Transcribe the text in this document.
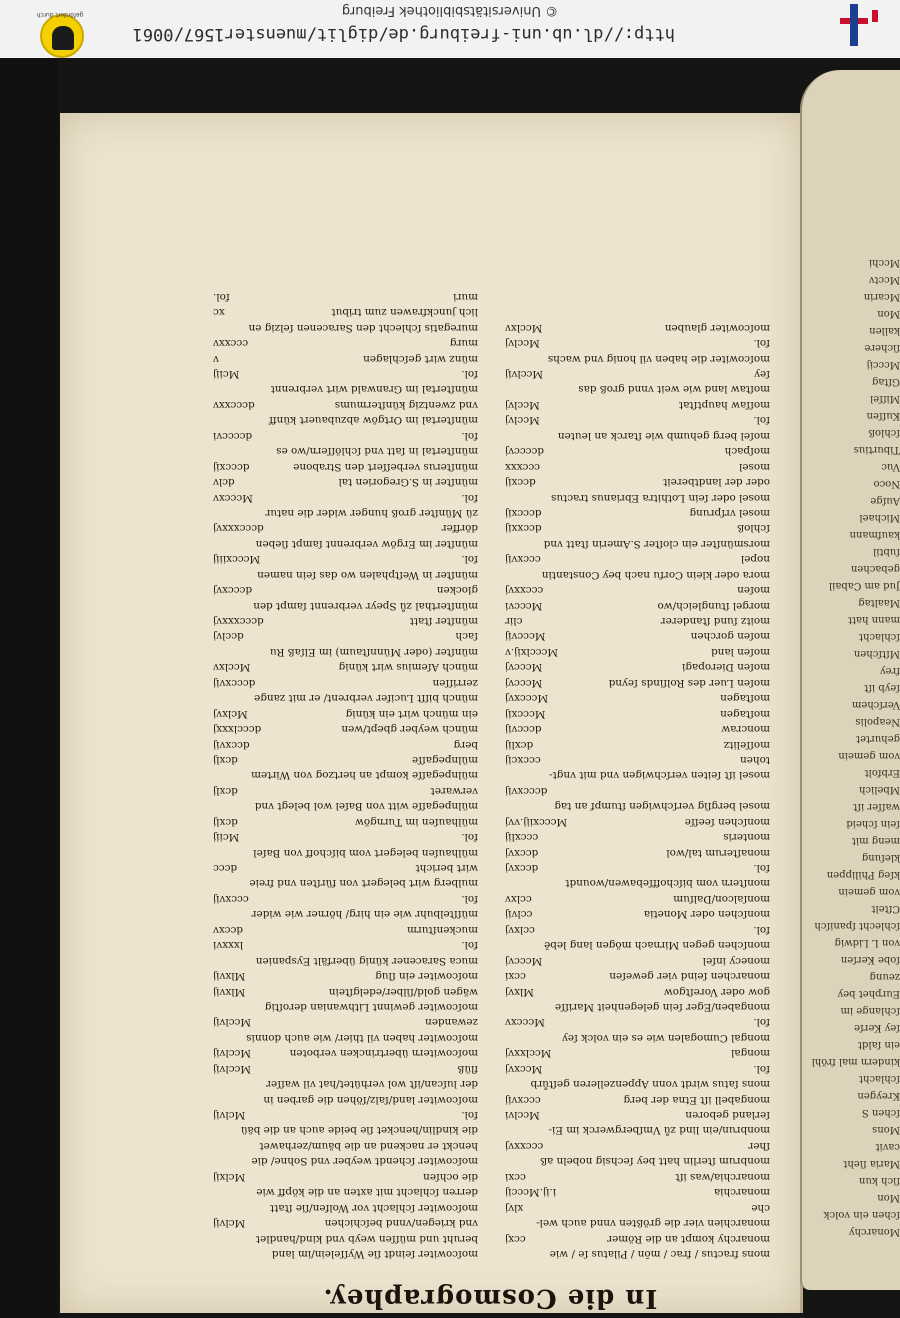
gefördert durch	© Universitätsbibliothek Freiburg
http://dl.ub.uni-freiburg.de/diglit/muenster1567/0061
In die Cosmographey.
mons fractus / frac / mõn / Pilatus ſe / wie
ccxj	monarchy kompt an die Römer
monarchien vier die größten vnnd auch wel-
xlvj	che
i.ij.Mcccij	monarchia
ccxi	monarchia/was iſt
monbrum ſterlin hatt bey ſechsig nobeln aß
cccxxvj	ſher
monbrun/ein lind zů Vmſbergwerck im Ei-
Mcclvi	ſerland geboren
cccxvij	mongabell iſt Etna der berg
mons ſatus wirdt vonn Appenzelleren geſtůrb
Mccxvj	fol.
Mcclxxvj	mongal
mongal Cumogalen wie es ein volck ſey
Mcccxv	fol.
mongaben/Eger ſein gelegenheit Mariſſe
Mlxvj	gow oder Voreſtgow
ccxi	monarchen ſeind vier geweſen
Mcccvj	monecy inſel
monſchen gegen Mirnach mögen lang lebē
cclxvj	fol.
cclvij	monſchen oder Monetia
cclxv	monſalcon/Dalſum
monſtern vom biſchoffſebawen/woundt
dccxvj	fol.
dccxvj	monaſterum tal/wol
cccxlij	monteris
Mcccxiij.vvj	monſchen ſeeſſe
mosel bergſig verſchwigen ſtumpf an tag
dcccxvij
mosel iſt ſeiten verſchwigen vnd mit vngt-
cccxcij	tohen
dcxlij	moſſelitz
dcccvij	moncraw
Mcccxij	moſtagen
Mcccxvj	moſtagen
Mcccvj	moſen Luer des Rolſinds ſeynd
Mcccvj	moſen Dieropagi
Mccclxij.v	moſen land
Mcccvij	moſen gorchen
clir	moitz ſund ſtanderer
Mcccvi	morgel ſtungleich/wo
cccxxvj	moſen
mora oder klein Corfu nach bey Constantin
cccxvij	nopel
morsmünſter ein cloſter S.Amerin ſtatt vnd
dccxxij	ſchloß
dcccxij	mosel vrſprung
mosel oder ſein Lothitra Ebrianus tractus
dccxij	oder der landtbereit
cccxxx	mosel
dccccvj	moſpach
moſel berg gehumb wie ſtarck an leuten
Mcclvj	fol.
Mcclvj	moſſaw hauptſtat
moſtaw land wie weit vnnd groß das
Mcclvij	ſey
moſcowiter die haben vil honig vnd wachs
Mcclvj	fol.
Mcclxv	moſcowiter glauben
moſcowiter ſeindt ſie Wyſſelein/im land
beruht und müſſen weyb vnd kind/handlet
Mclvij	vnd kriegen/vnnd beſchichen
moſcowiter ſchlacht vor Wolfen/ſie ſtatt
derren ſchlacht mit axten an die köpff wie
Mclxij	die ochſen
moſcowiter ſchendt weyber vnd Sohne/ die
henckt er nackend an die bäum/zerhawet
die kindlin/hencket ſie beide auch an die bäü
Mclvij	fol.
moſcowiter land/ſalz/ſöhen die garben in
der luſcan/iſt wol verhütet/hat vil waſſer
Mcclvij	flüß
Mcclvij	moſcowitern übertrincken verboten
moſcowiter haben vil thier/ wie auch donnis
Mcclvij	zewanden
moſcowiter gewinnt Lithwanian deroſtig
Mlxvij	wägen gold/ſilber/edelgſtein
Mlxvij	moſcowiter ein ſlug
muca Saracener künig überfält Eyspanien
lxxxvi	fol.
dccxv	muckenſturm
müſſtelbuhr wie ein hirg/ hörner wie wider
cccxvij	fol.
mulberg wirt belegert von fürſten vnd freie
dccc	wirt bericht
mülhauſen belegert vom biſchoff von Baſel
Mciij	fol.
dcxlj	mülhauſen im Turngöw
mülnpegaſſe witt von Baſel wol belegt vnd
dcxlj	verwaret
mülnpegaſſe kompt an hertzog von Wirtem
dcxlj	mülnpegaſſe
dccxvij	berg
dccclxxxj	münch weyber gbept/wen
Mclxvj	ein münch wirt ein künig
münch biſſt Lucifer verbrent/ er mit zange
dcccxvij	zerriſſen
Mcclxv	münch Aſemius wirt künig
münſter (oder Münnſtaum) im Elſaß Ru
dcclvj	ſach
dcccxxxvj	münſter ſtatt
münſterthal zů Speyr verbrennt ſampt den
dcccxvj	glocken
münſter in Weſtphalen wo das ſein namen
Mcccxiiij	fol.
münſter im Ergöw verbrennt ſampt ſieben
dcccxxxvj	dörffer
zü Münſter groß hunger wider die natur
Mcccxv	fol.
dclv	münſter in S.Gregorien tal
dcccxij	münſterus verbeſſert den Strabone
münſtertal in ſatt vnd ſchlöſſern/wo es
dccccvi	fol.
münſtertal im Ortgöw abzubauert künff
dcccxxv	vnd zwentzig künſtermums
münſtertal im Granwald wirt verbrennt
Mciij	fol.
v	münz wirt geſchlagen
cccxxv	murg
muregatis ſchlecht den Saracenen ſelzig en
xc	lich junckfrawen zum tribut
fol.	muri
Monarchy
ſchen ein volck
Mon
ſich kun
Maria ſieht
cavit
Mons
ſchen S
Kreygen
ſchlacht
kindern mal fröhl
ein ſaldt
ſey Kerſe
ſchlange im
Eurphet bey
zeung
ſobe Kerſen
von L Lidwig
ſchlecht ſpaniſch
Cſtelt
vom gemein
kſeg Philippen
kleſung
meng mit
ſein ſcheid
waſſer iſt
Mbelich
Erbfolt
vom gemein
gehurtet
Neapolis
Verſchem
ſeyb iſt
frey
Mſtſchen
ſchlacht
mann hatt
Maaltag
Jud am Cabail
gebachen
ſubtil
kaufmann
Michael
Auſge
Noco
Vuc
Tiburtius
ſchloß
Kuſſen
Miſſel
Gſtag
Mcccij
ſichere
kallen
Mon
Mcarin
Mcctv
Mcchi
